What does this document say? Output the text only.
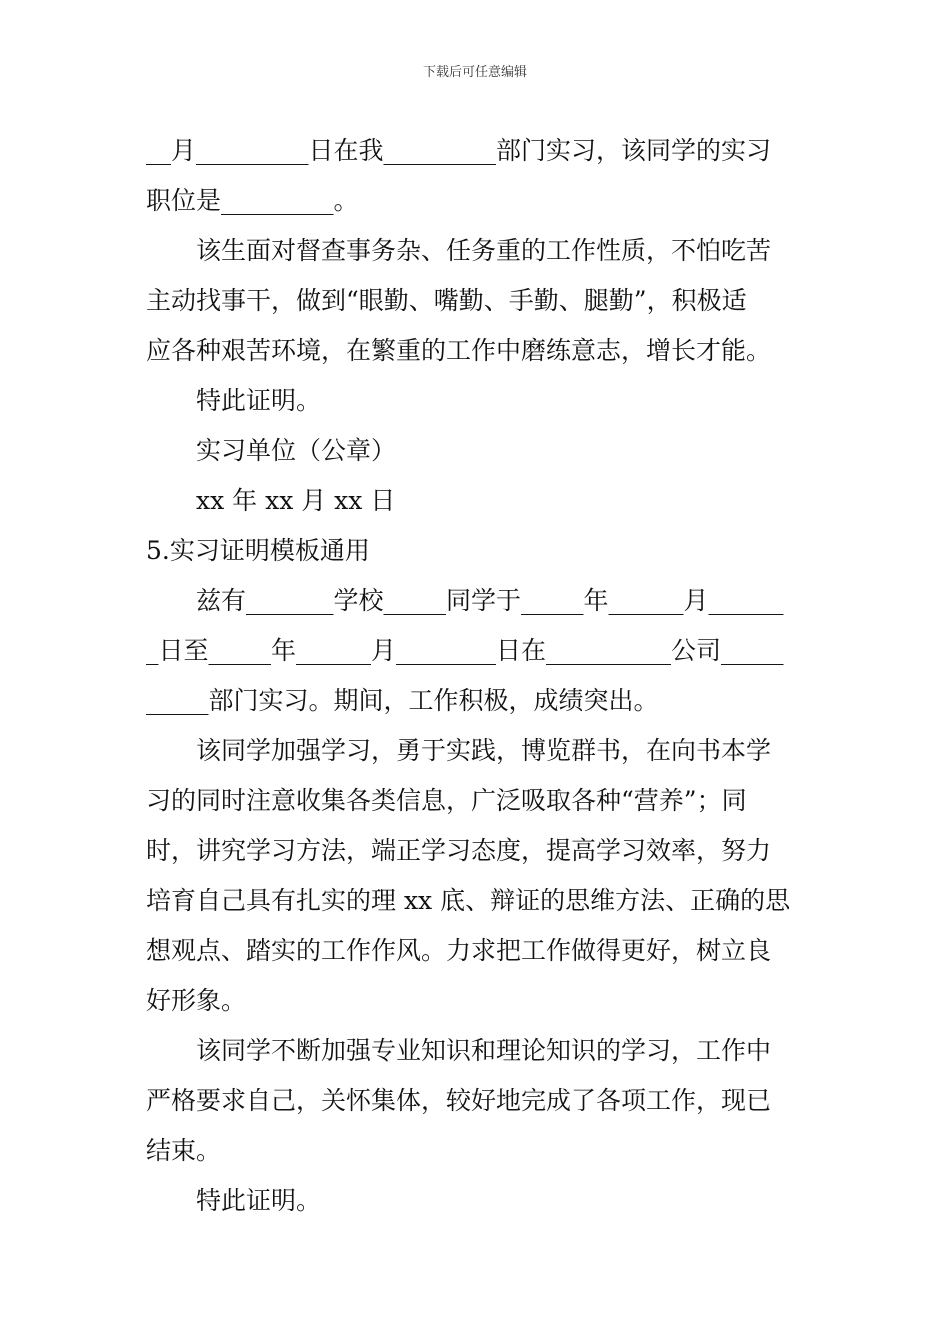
下载后可任意编辑
__月_________日在我_________部门实习，该同学的实习
职位是_________。
该生面对督查事务杂、任务重的工作性质，不怕吃苦
主动找事干，做到“眼勤、嘴勤、手勤、腿勤”，积极适
应各种艰苦环境，在繁重的工作中磨练意志，增长才能。
特此证明。
实习单位（公章）
xx 年 xx 月 xx 日
5.实习证明模板通用
兹有_______学校_____同学于_____年______月______
_日至_____年______月________日在__________公司_____
_____部门实习。期间，工作积极，成绩突出。
该同学加强学习，勇于实践，博览群书，在向书本学
习的同时注意收集各类信息，广泛吸取各种“营养”；同
时，讲究学习方法，端正学习态度，提高学习效率，努力
培育自己具有扎实的理 xx 底、辩证的思维方法、正确的思
想观点、踏实的工作作风。力求把工作做得更好，树立良
好形象。
该同学不断加强专业知识和理论知识的学习，工作中
严格要求自己，关怀集体，较好地完成了各项工作，现已
结束。
特此证明。
